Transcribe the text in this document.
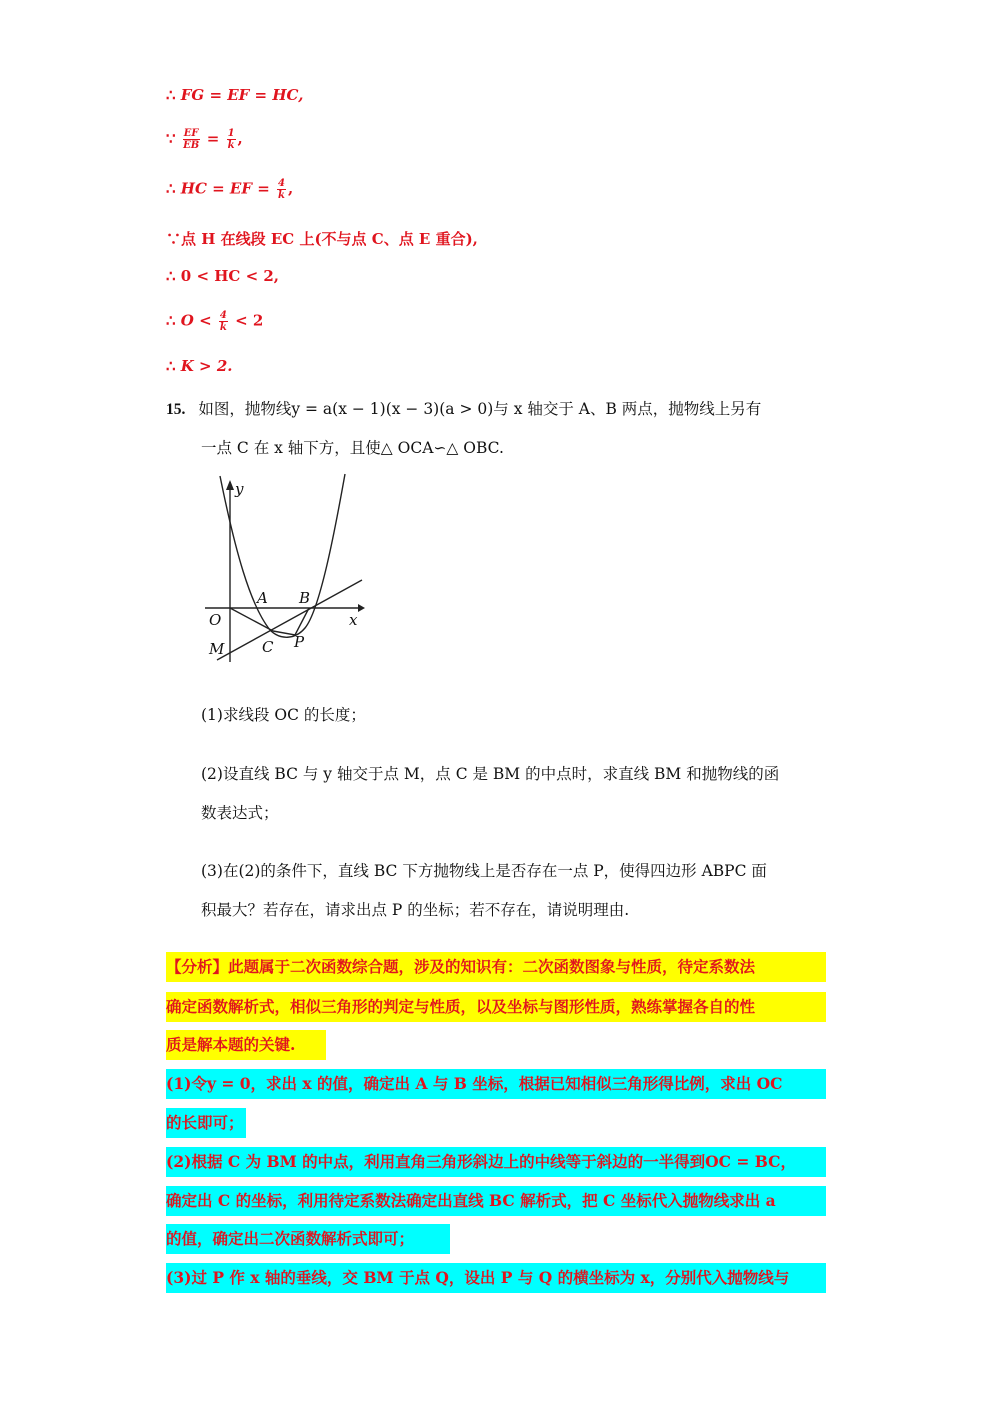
∴ FG = EF = HC,
∵ $\frac{EF}{EB} = \frac{1}{k}$ ,
∴ HC = EF = $\frac{4}{k}$ ,
∵点 H 在线段 EC 上(不与点 C、点 E 重合),
∴ 0 < HC < 2,
∴ $O < \frac{4}{k} < 2$
∴ K > 2.
15. 如图，抛物线y = a(x − 1)(x − 3)(a > 0)与 x 轴交于 A、B 两点，抛物线上另有
一点 C 在 x 轴下方，且使△ OCA∽△ OBC.
y
x
O
A B
C P
M
(1)求线段 OC 的长度；
(2)设直线 BC 与 y 轴交于点 M，点 C 是 BM 的中点时，求直线 BM 和抛物线的函
数表达式；
(3)在(2)的条件下，直线 BC 下方抛物线上是否存在一点 P，使得四边形 ABPC 面
积最大？若存在，请求出点 P 的坐标；若不存在，请说明理由.
【分析】此题属于二次函数综合题，涉及的知识有：二次函数图象与性质，待定系数法
确定函数解析式，相似三角形的判定与性质，以及坐标与图形性质，熟练掌握各自的性
质是解本题的关键.
(1)令y = 0，求出 x 的值，确定出 A 与 B 坐标，根据已知相似三角形得比例，求出 OC
的长即可；
(2)根据 C 为 BM 的中点，利用直角三角形斜边上的中线等于斜边的一半得到OC = BC，
确定出 C 的坐标，利用待定系数法确定出直线 BC 解析式，把 C 坐标代入抛物线求出 a
的值，确定出二次函数解析式即可；
(3)过 P 作 x 轴的垂线，交 BM 于点 Q，设出 P 与 Q 的横坐标为 x，分别代入抛物线与
